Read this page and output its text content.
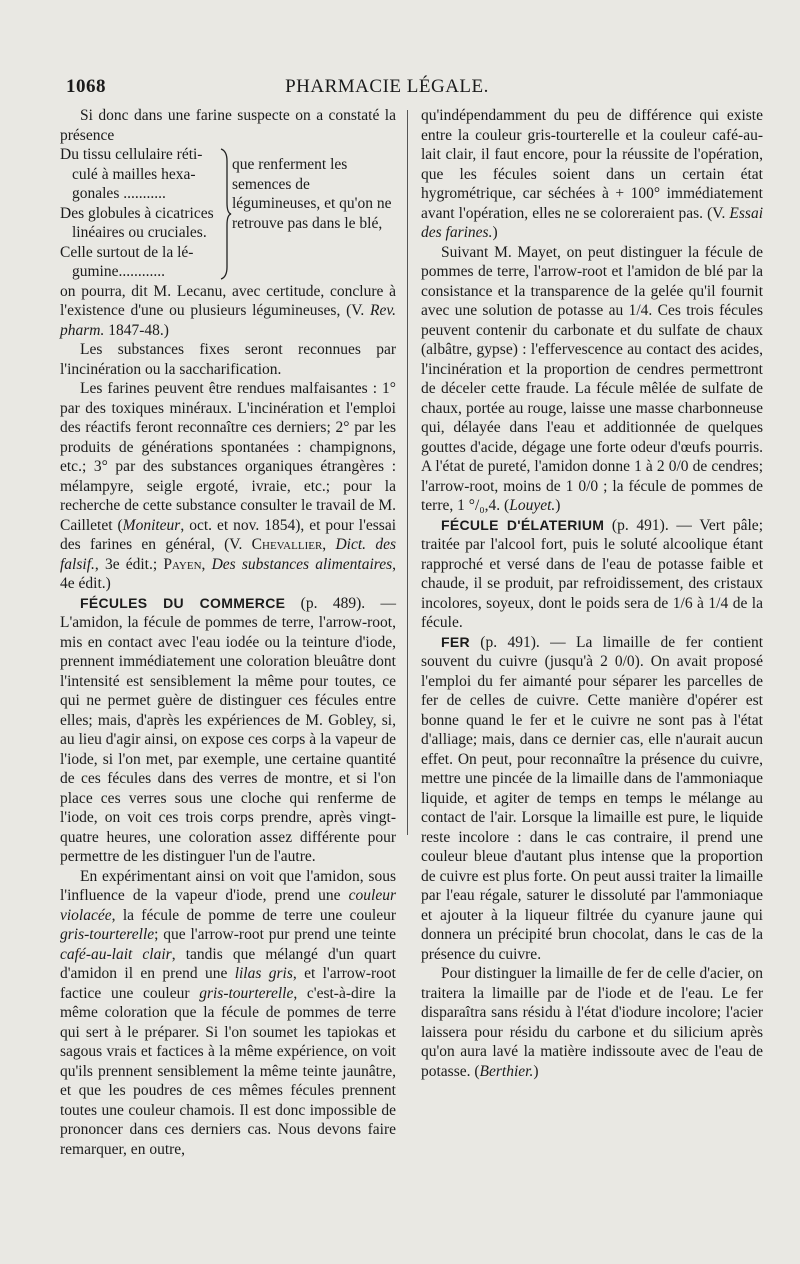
1068	PHARMACIE LÉGALE.

Si donc dans une farine suspecte on a constaté la présence

Du tissu cellulaire réti-
culé à mailles hexa-
gonales ...........
Des globules à cicatrices
linéaires ou cruciales.
Celle surtout de la lé-
gumine............
que renferment les semences de légumineuses, et qu'on ne retrouve pas dans le blé,

on pourra, dit M. Lecanu, avec certitude, conclure à l'existence d'une ou plusieurs légumineuses, (V. Rev. pharm. 1847-48.)

Les substances fixes seront reconnues par l'incinération ou la saccharification.

Les farines peuvent être rendues malfaisantes : 1° par des toxiques minéraux. L'incinération et l'emploi des réactifs feront reconnaître ces derniers; 2° par les produits de générations spontanées : champignons, etc.; 3° par des substances organiques étrangères : mélampyre, seigle ergoté, ivraie, etc.; pour la recherche de cette substance consulter le travail de M. Cailletet (Moniteur, oct. et nov. 1854), et pour l'essai des farines en général, (V. Chevallier, Dict. des falsif., 3e édit.; Payen, Des substances alimentaires, 4e édit.)

FÉCULES DU COMMERCE (p. 489). — L'amidon, la fécule de pommes de terre, l'arrow-root, mis en contact avec l'eau iodée ou la teinture d'iode, prennent immédiatement une coloration bleuâtre dont l'intensité est sensiblement la même pour toutes, ce qui ne permet guère de distinguer ces fécules entre elles; mais, d'après les expériences de M. Gobley, si, au lieu d'agir ainsi, on expose ces corps à la vapeur de l'iode, si l'on met, par exemple, une certaine quantité de ces fécules dans des verres de montre, et si l'on place ces verres sous une cloche qui renferme de l'iode, on voit ces trois corps prendre, après vingt-quatre heures, une coloration assez différente pour permettre de les distinguer l'un de l'autre.

En expérimentant ainsi on voit que l'amidon, sous l'influence de la vapeur d'iode, prend une couleur violacée, la fécule de pomme de terre une couleur gris-tourterelle; que l'arrow-root pur prend une teinte café-au-lait clair, tandis que mélangé d'un quart d'amidon il en prend une lilas gris, et l'arrow-root factice une couleur gris-tourterelle, c'est-à-dire la même coloration que la fécule de pommes de terre qui sert à le préparer. Si l'on soumet les tapiokas et sagous vrais et factices à la même expérience, on voit qu'ils prennent sensiblement la même teinte jaunâtre, et que les poudres de ces mêmes fécules prennent toutes une couleur chamois. Il est donc impossible de prononcer dans ces derniers cas. Nous devons faire remarquer, en outre,

qu'indépendamment du peu de différence qui existe entre la couleur gris-tourterelle et la couleur café-au-lait clair, il faut encore, pour la réussite de l'opération, que les fécules soient dans un certain état hygrométrique, car séchées à + 100° immédiatement avant l'opération, elles ne se coloreraient pas. (V. Essai des farines.)

Suivant M. Mayet, on peut distinguer la fécule de pommes de terre, l'arrow-root et l'amidon de blé par la consistance et la transparence de la gelée qu'il fournit avec une solution de potasse au 1/4. Ces trois fécules peuvent contenir du carbonate et du sulfate de chaux (albâtre, gypse) : l'effervescence au contact des acides, l'incinération et la proportion de cendres permettront de déceler cette fraude. La fécule mêlée de sulfate de chaux, portée au rouge, laisse une masse charbonneuse qui, délayée dans l'eau et additionnée de quelques gouttes d'acide, dégage une forte odeur d'œufs pourris. A l'état de pureté, l'amidon donne 1 à 2 0/0 de cendres; l'arrow-root, moins de 1 0/0 ; la fécule de pommes de terre, 1 °/₀,4. (Louyet.)

FÉCULE D'ÉLATERIUM (p. 491). — Vert pâle; traitée par l'alcool fort, puis le soluté alcoolique étant rapproché et versé dans de l'eau de potasse faible et chaude, il se produit, par refroidissement, des cristaux incolores, soyeux, dont le poids sera de 1/6 à 1/4 de la fécule.

FER (p. 491). — La limaille de fer contient souvent du cuivre (jusqu'à 2 0/0). On avait proposé l'emploi du fer aimanté pour séparer les parcelles de fer de celles de cuivre. Cette manière d'opérer est bonne quand le fer et le cuivre ne sont pas à l'état d'alliage; mais, dans ce dernier cas, elle n'aurait aucun effet. On peut, pour reconnaître la présence du cuivre, mettre une pincée de la limaille dans de l'ammoniaque liquide, et agiter de temps en temps le mélange au contact de l'air. Lorsque la limaille est pure, le liquide reste incolore : dans le cas contraire, il prend une couleur bleue d'autant plus intense que la proportion de cuivre est plus forte. On peut aussi traiter la limaille par l'eau régale, saturer le dissoluté par l'ammoniaque et ajouter à la liqueur filtrée du cyanure jaune qui donnera un précipité brun chocolat, dans le cas de la présence du cuivre.

Pour distinguer la limaille de fer de celle d'acier, on traitera la limaille par de l'iode et de l'eau. Le fer disparaîtra sans résidu à l'état d'iodure incolore; l'acier laissera pour résidu du carbone et du silicium après qu'on aura lavé la matière indissoute avec de l'eau de potasse. (Berthier.)
